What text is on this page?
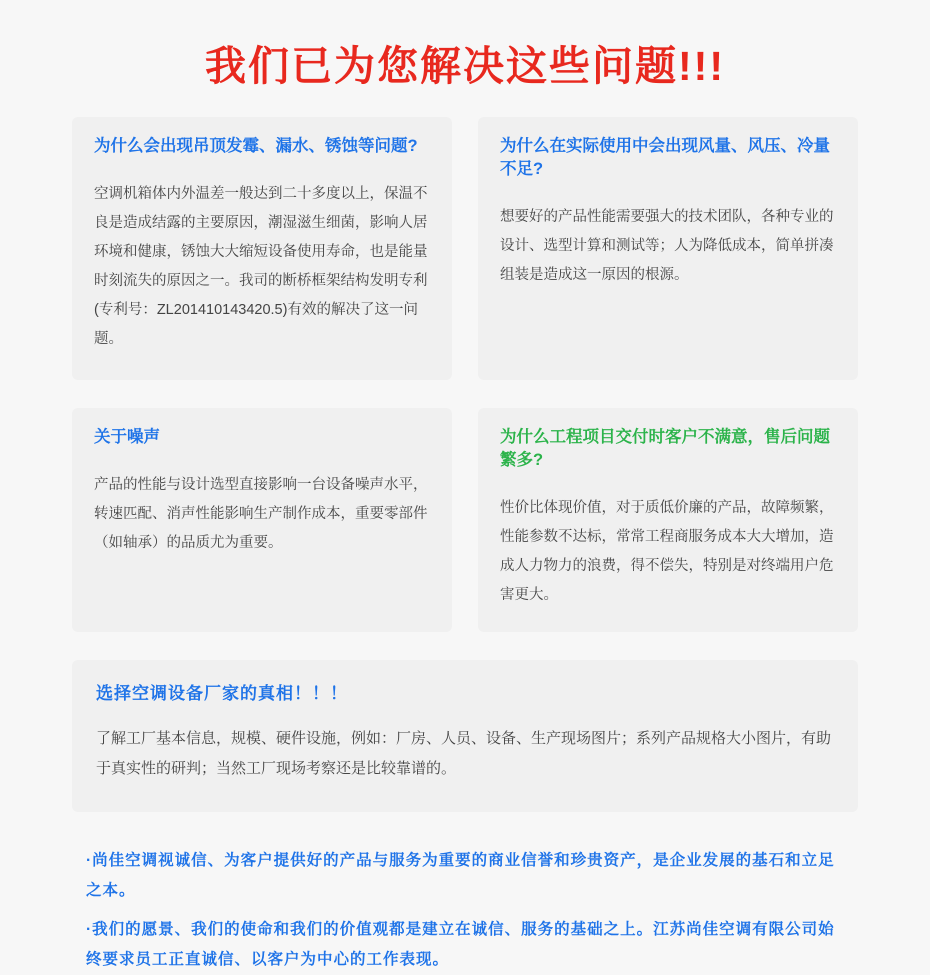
我们已为您解决这些问题!!!
为什么会出现吊顶发霉、漏水、锈蚀等问题?
空调机箱体内外温差一般达到二十多度以上，保温不良是造成结露的主要原因，潮湿滋生细菌，影响人居环境和健康，锈蚀大大缩短设备使用寿命，也是能量时刻流失的原因之一。我司的断桥框架结构发明专利(专利号：ZL201410143420.5)有效的解决了这一问题。
为什么在实际使用中会出现风量、风压、冷量不足?
想要好的产品性能需要强大的技术团队，各种专业的设计、选型计算和测试等；人为降低成本，简单拼凑组装是造成这一原因的根源。
关于噪声
产品的性能与设计选型直接影响一台设备噪声水平，转速匹配、消声性能影响生产制作成本，重要零部件（如轴承）的品质尤为重要。
为什么工程项目交付时客户不满意，售后问题繁多?
性价比体现价值，对于质低价廉的产品，故障频繁，性能参数不达标，常常工程商服务成本大大增加，造成人力物力的浪费，得不偿失，特别是对终端用户危害更大。
选择空调设备厂家的真相！！！
了解工厂基本信息，规模、硬件设施，例如：厂房、人员、设备、生产现场图片；系列产品规格大小图片，有助于真实性的研判；当然工厂现场考察还是比较靠谱的。
·尚佳空调视诚信、为客户提供好的产品与服务为重要的商业信誉和珍贵资产，是企业发展的基石和立足之本。
·我们的愿景、我们的使命和我们的价值观都是建立在诚信、服务的基础之上。江苏尚佳空调有限公司始终要求员工正直诚信、以客户为中心的工作表现。
